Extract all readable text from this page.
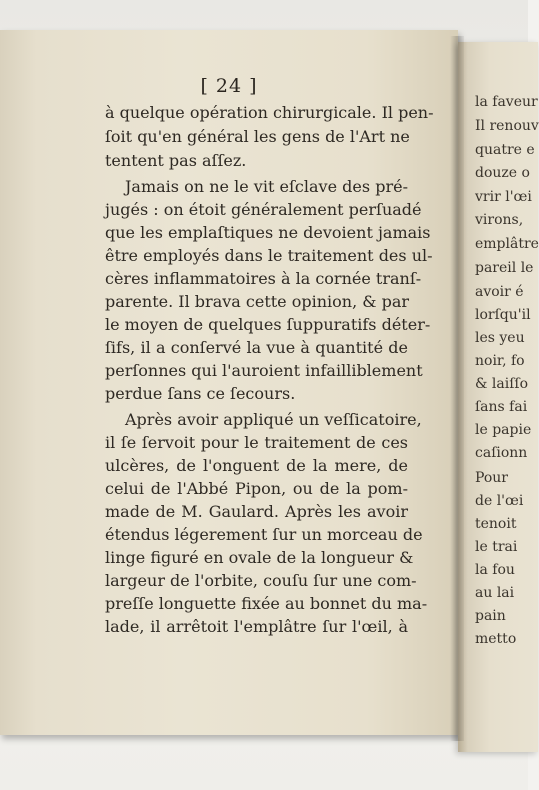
[ 24 ]
à quelque opération chirurgicale. Il pen-
ſoit qu'en général les gens de l'Art ne
tentent pas aſſez.
Jamais on ne le vit eſclave des pré-
jugés : on étoit généralement perſuadé
que les emplaſtiques ne devoient jamais
être employés dans le traitement des ul-
cères inflammatoires à la cornée tranſ-
parente. Il brava cette opinion, & par
le moyen de quelques ſuppuratifs déter-
ſifs, il a conſervé la vue à quantité de
perſonnes qui l'auroient infailliblement
perdue ſans ce ſecours.
Après avoir appliqué un veſſicatoire,
il ſe ſervoit pour le traitement de ces
ulcères, de l'onguent de la mere, de
celui de l'Abbé Pipon, ou de la pom-
made de M. Gaulard. Après les avoir
étendus légerement ſur un morceau de
linge figuré en ovale de la longueur &
largeur de l'orbite, couſu ſur une com-
preſſe longuette fixée au bonnet du ma-
lade, il arrêtoit l'emplâtre ſur l'œil, à
la faveur
Il renouv
quatre e
douze o
vrir l'œi
virons,
emplâtre
pareil le
avoir é
lorſqu'il
les yeu
noir, fo
& laiſſo
ſans fai
le papie
caſionn
Pour
de l'œi
tenoit
le trai
la fou
au lai
pain
metto
